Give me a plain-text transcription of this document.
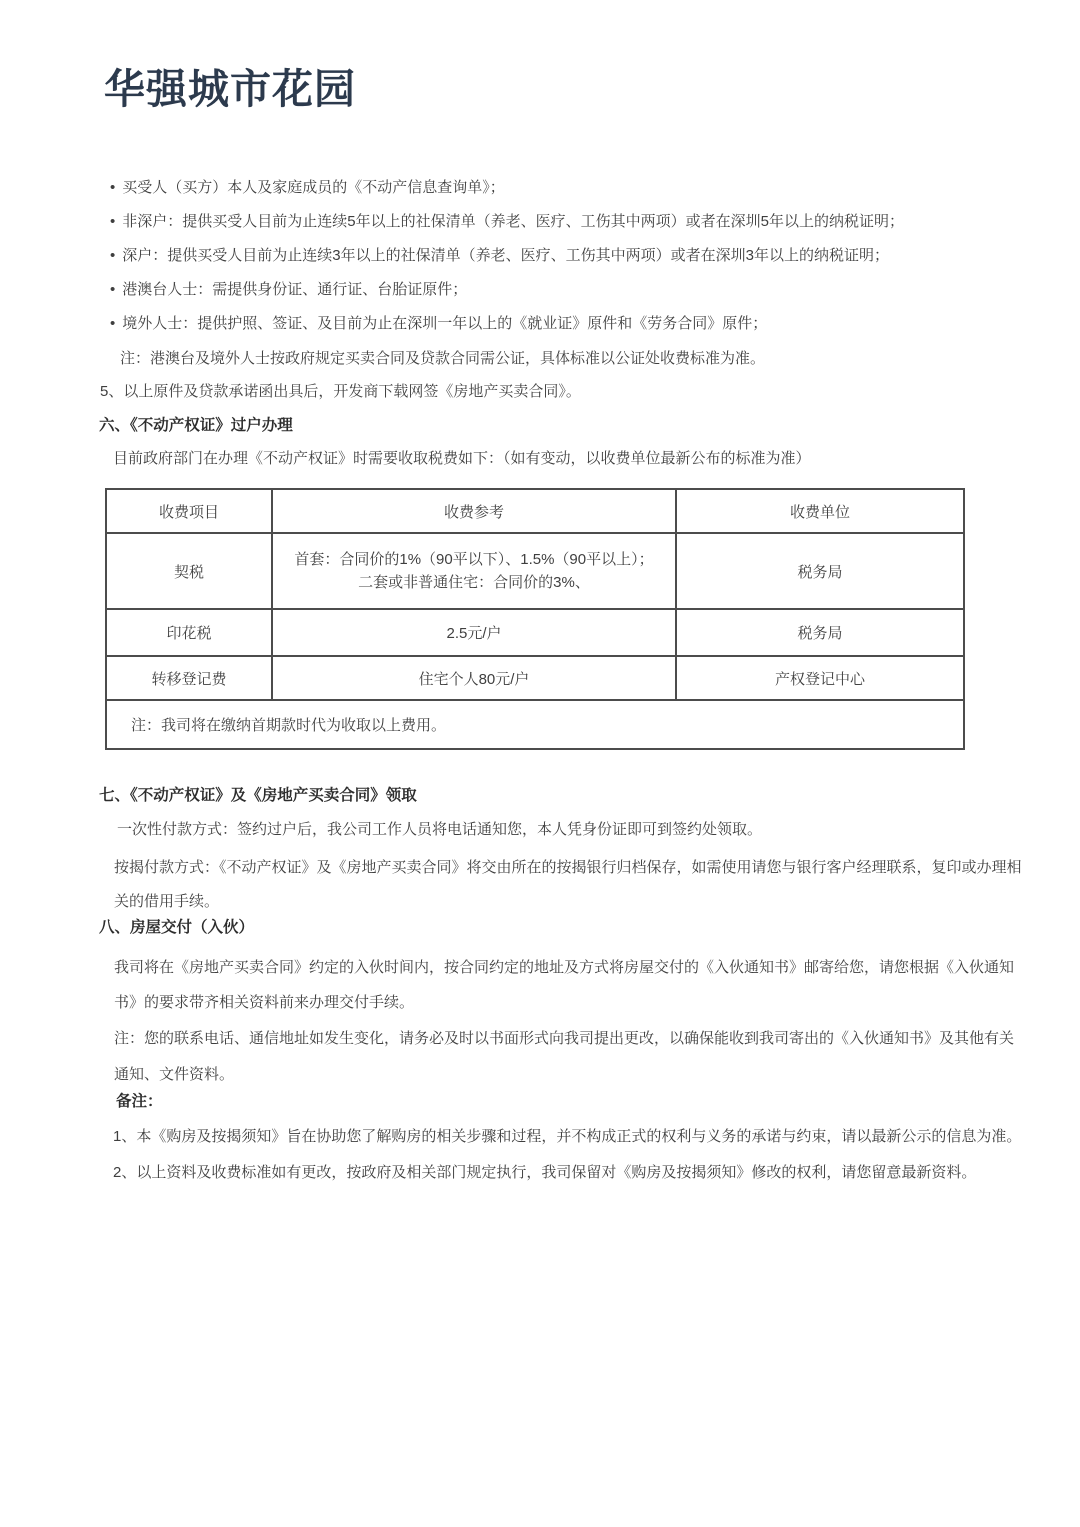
华强城市花园
• 买受人（买方）本人及家庭成员的《不动产信息查询单》；
• 非深户：提供买受人目前为止连续5年以上的社保清单（养老、医疗、工伤其中两项）或者在深圳5年以上的纳税证明；
• 深户：提供买受人目前为止连续3年以上的社保清单（养老、医疗、工伤其中两项）或者在深圳3年以上的纳税证明；
• 港澳台人士：需提供身份证、通行证、台胎证原件；
• 境外人士：提供护照、签证、及目前为止在深圳一年以上的《就业证》原件和《劳务合同》原件；

注：港澳台及境外人士按政府规定买卖合同及贷款合同需公证，具体标准以公证处收费标准为准。

5、以上原件及贷款承诺函出具后，开发商下载网签《房地产买卖合同》。

六、《不动产权证》过户办理

目前政府部门在办理《不动产权证》时需要收取税费如下：（如有变动，以收费单位最新公布的标准为准）

收费项目	收费参考	收费单位
契税	首套：合同价的1%（90平以下）、1.5%（90平以上）；
二套或非普通住宅：合同价的3%、	税务局
印花税	2.5元/户	税务局
转移登记费	住宅个人80元/户	产权登记中心
注：我司将在缴纳首期款时代为收取以上费用。		
七、《不动产权证》及《房地产买卖合同》领取

一次性付款方式：签约过户后，我公司工作人员将电话通知您，本人凭身份证即可到签约处领取。

按揭付款方式：《不动产权证》及《房地产买卖合同》将交由所在的按揭银行归档保存，如需使用请您与银行客户经理联系，复印或办理相关的借用手续。

八、房屋交付（入伙）

我司将在《房地产买卖合同》约定的入伙时间内，按合同约定的地址及方式将房屋交付的《入伙通知书》邮寄给您，请您根据《入伙通知书》的要求带齐相关资料前来办理交付手续。

注：您的联系电话、通信地址如发生变化，请务必及时以书面形式向我司提出更改，以确保能收到我司寄出的《入伙通知书》及其他有关通知、文件资料。

备注：

1、本《购房及按揭须知》旨在协助您了解购房的相关步骤和过程，并不构成正式的权利与义务的承诺与约束，请以最新公示的信息为准。

2、以上资料及收费标准如有更改，按政府及相关部门规定执行，我司保留对《购房及按揭须知》修改的权利，请您留意最新资料。
